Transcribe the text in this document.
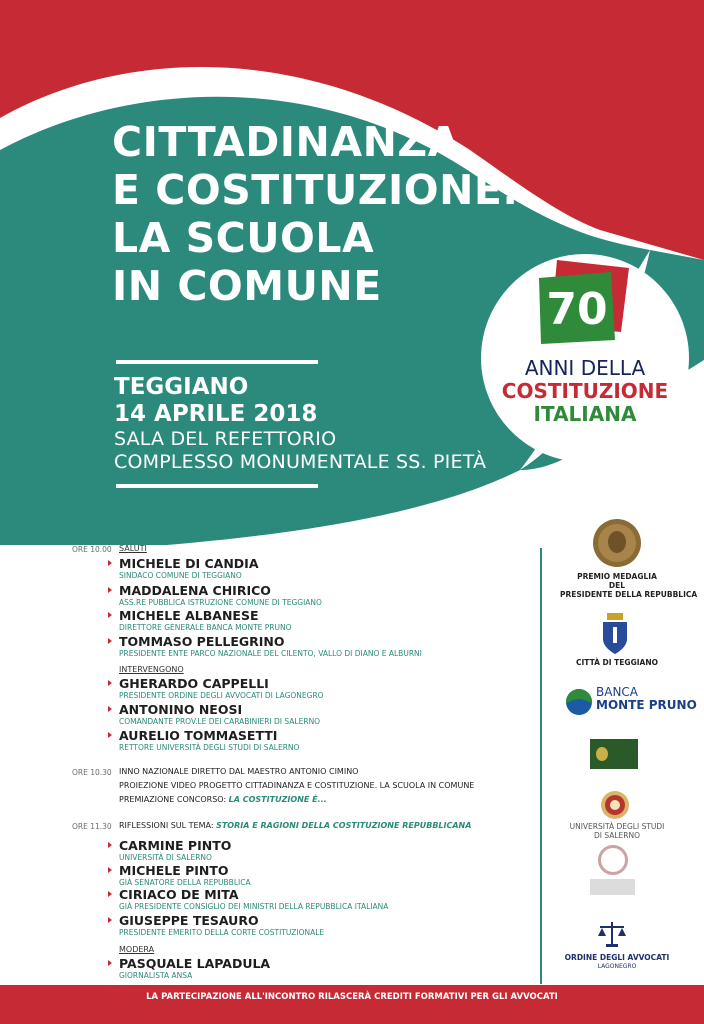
CITTADINANZA
E COSTITUZIONE.
LA SCUOLA
IN COMUNE
TEGGIANO
14 APRILE 2018
SALA DEL REFETTORIO
COMPLESSO MONUMENTALE SS. PIETÀ
70
ANNI DELLA
COSTITUZIONE
ITALIANA
ORE 10.00 SALUTI
MICHELE DI CANDIA
SINDACO COMUNE DI TEGGIANO
MADDALENA CHIRICO
ASS.RE PUBBLICA ISTRUZIONE COMUNE DI TEGGIANO
MICHELE ALBANESE
DIRETTORE GENERALE BANCA MONTE PRUNO
TOMMASO PELLEGRINO
PRESIDENTE ENTE PARCO NAZIONALE DEL CILENTO, VALLO DI DIANO E ALBURNI
INTERVENGONO
GHERARDO CAPPELLI
PRESIDENTE ORDINE DEGLI AVVOCATI DI LAGONEGRO
ANTONINO NEOSI
COMANDANTE PROV.LE DEI CARABINIERI DI SALERNO
AURELIO TOMMASETTI
RETTORE UNIVERSITÀ DEGLI STUDI DI SALERNO
ORE 10.30 INNO NAZIONALE DIRETTO DAL MAESTRO ANTONIO CIMINO
PROIEZIONE VIDEO PROGETTO CITTADINANZA E COSTITUZIONE. LA SCUOLA IN COMUNE
PREMIAZIONE CONCORSO: LA COSTITUZIONE È...
ORE 11.30 RIFLESSIONI SUL TEMA: STORIA E RAGIONI DELLA COSTITUZIONE REPUBBLICANA
CARMINE PINTO
UNIVERSITÀ DI SALERNO
MICHELE PINTO
GIÀ SENATORE DELLA REPUBBLICA
CIRIACO DE MITA
GIÀ PRESIDENTE CONSIGLIO DEI MINISTRI DELLA REPUBBLICA ITALIANA
GIUSEPPE TESAURO
PRESIDENTE EMERITO DELLA CORTE COSTITUZIONALE
MODERA
PASQUALE LAPADULA
GIORNALISTA ANSA
PREMIO MEDAGLIA
DEL
PRESIDENTE DELLA REPUBBLICA
CITTÀ DI TEGGIANO
BANCA
MONTE PRUNO
UNIVERSITÀ DEGLI STUDI
DI SALERNO
ORDINE DEGLI AVVOCATI
LAGONEGRO
LA PARTECIPAZIONE ALL'INCONTRO RILASCERÀ CREDITI FORMATIVI PER GLI AVVOCATI
